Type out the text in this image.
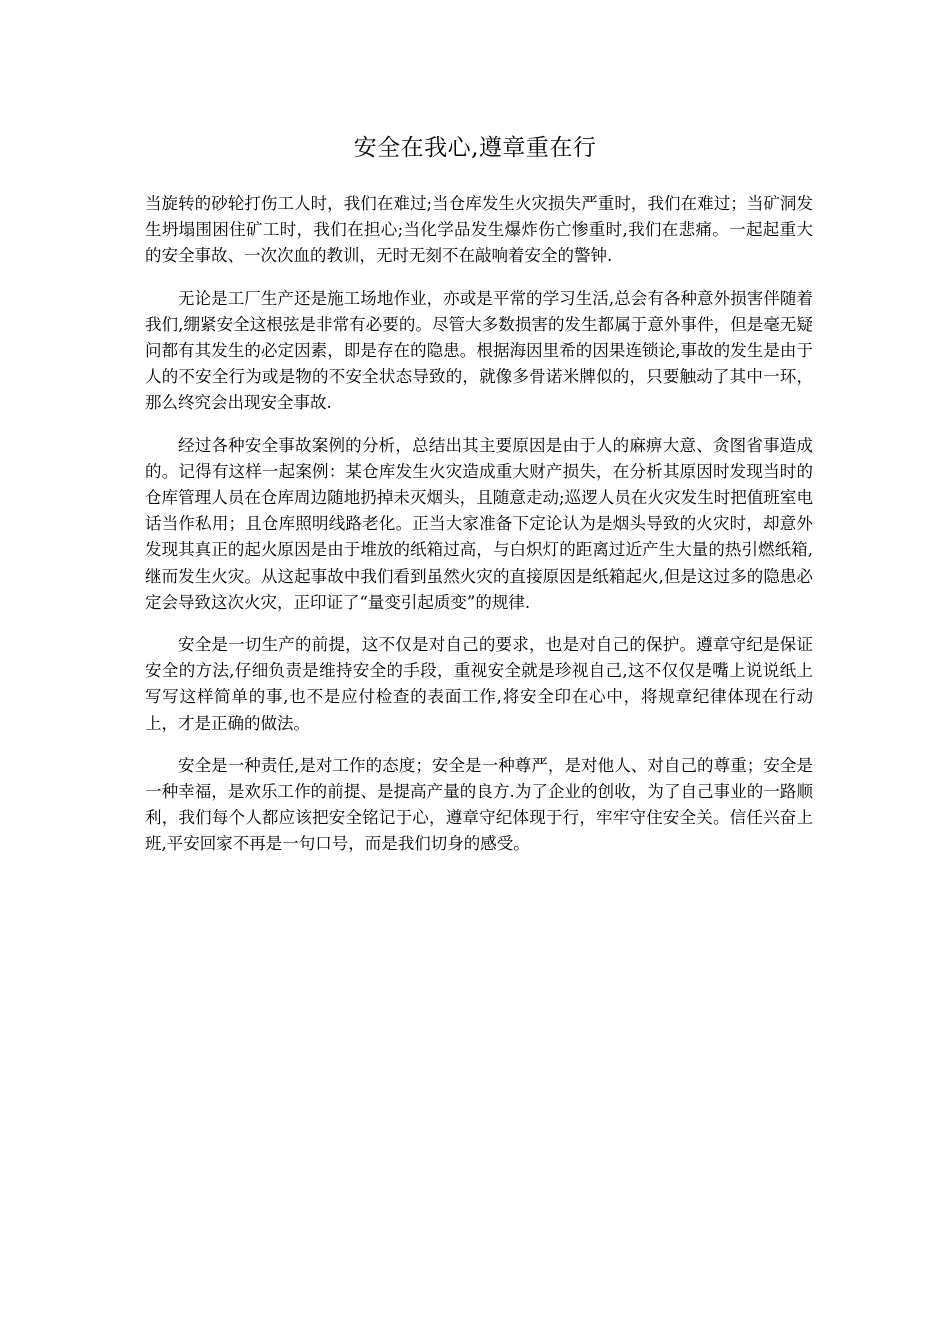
安全在我心,遵章重在行

当旋转的砂轮打伤工人时，我们在难过;当仓库发生火灾损失严重时，我们在难过；当矿洞发生坍塌围困住矿工时，我们在担心;当化学品发生爆炸伤亡惨重时,我们在悲痛。一起起重大的安全事故、一次次血的教训，无时无刻不在敲响着安全的警钟.

无论是工厂生产还是施工场地作业，亦或是平常的学习生活,总会有各种意外损害伴随着我们,绷紧安全这根弦是非常有必要的。尽管大多数损害的发生都属于意外事件，但是毫无疑问都有其发生的必定因素，即是存在的隐患。根据海因里希的因果连锁论,事故的发生是由于人的不安全行为或是物的不安全状态导致的，就像多骨诺米牌似的，只要触动了其中一环，那么终究会出现安全事故.

经过各种安全事故案例的分析，总结出其主要原因是由于人的麻痹大意、贪图省事造成的。记得有这样一起案例：某仓库发生火灾造成重大财产损失，在分析其原因时发现当时的仓库管理人员在仓库周边随地扔掉未灭烟头，且随意走动;巡逻人员在火灾发生时把值班室电话当作私用；且仓库照明线路老化。正当大家准备下定论认为是烟头导致的火灾时，却意外发现其真正的起火原因是由于堆放的纸箱过高，与白炽灯的距离过近产生大量的热引燃纸箱,继而发生火灾。从这起事故中我们看到虽然火灾的直接原因是纸箱起火,但是这过多的隐患必定会导致这次火灾，正印证了“量变引起质变”的规律.

安全是一切生产的前提，这不仅是对自己的要求，也是对自己的保护。遵章守纪是保证安全的方法,仔细负责是维持安全的手段，重视安全就是珍视自己,这不仅仅是嘴上说说纸上写写这样简单的事,也不是应付检查的表面工作,将安全印在心中，将规章纪律体现在行动上，才是正确的做法。

安全是一种责任,是对工作的态度；安全是一种尊严，是对他人、对自己的尊重；安全是一种幸福，是欢乐工作的前提、是提高产量的良方.为了企业的创收，为了自己事业的一路顺利，我们每个人都应该把安全铭记于心，遵章守纪体现于行，牢牢守住安全关。信任兴奋上班,平安回家不再是一句口号，而是我们切身的感受。
